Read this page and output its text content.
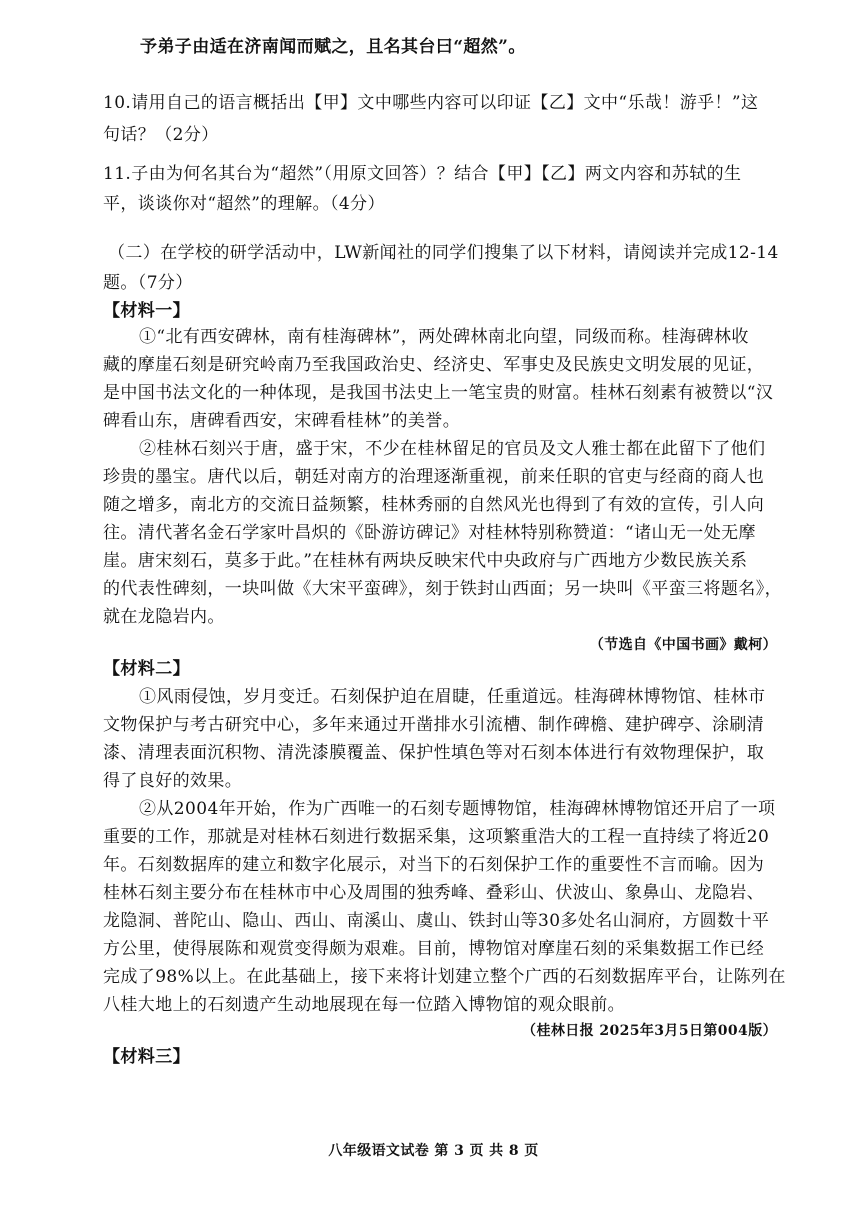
予弟子由适在济南闻而赋之，且名其台曰“超然”。
10.请用自己的语言概括出【甲】文中哪些内容可以印证【乙】文中“乐哉！游乎！”这
句话？（2分）
11.子由为何名其台为“超然”（用原文回答）？结合【甲】【乙】两文内容和苏轼的生
平，谈谈你对“超然”的理解。（4分）
（二）在学校的研学活动中，LW新闻社的同学们搜集了以下材料，请阅读并完成12-14
题。（7分）
【材料一】
①“北有西安碑林，南有桂海碑林”，两处碑林南北向望，同级而称。桂海碑林收
藏的摩崖石刻是研究岭南乃至我国政治史、经济史、军事史及民族史文明发展的见证，
是中国书法文化的一种体现，是我国书法史上一笔宝贵的财富。桂林石刻素有被赞以“汉
碑看山东，唐碑看西安，宋碑看桂林”的美誉。
②桂林石刻兴于唐，盛于宋，不少在桂林留足的官员及文人雅士都在此留下了他们
珍贵的墨宝。唐代以后，朝廷对南方的治理逐渐重视，前来任职的官吏与经商的商人也
随之增多，南北方的交流日益频繁，桂林秀丽的自然风光也得到了有效的宣传，引人向
往。清代著名金石学家叶昌炽的《卧游访碑记》对桂林特别称赞道：“诸山无一处无摩
崖。唐宋刻石，莫多于此。”在桂林有两块反映宋代中央政府与广西地方少数民族关系
的代表性碑刻，一块叫做《大宋平蛮碑》，刻于铁封山西面；另一块叫《平蛮三将题名》，
就在龙隐岩内。
（节选自《中国书画》戴柯）
【材料二】
①风雨侵蚀，岁月变迁。石刻保护迫在眉睫，任重道远。桂海碑林博物馆、桂林市
文物保护与考古研究中心，多年来通过开凿排水引流槽、制作碑檐、建护碑亭、涂刷清
漆、清理表面沉积物、清洗漆膜覆盖、保护性填色等对石刻本体进行有效物理保护，取
得了良好的效果。
②从2004年开始，作为广西唯一的石刻专题博物馆，桂海碑林博物馆还开启了一项
重要的工作，那就是对桂林石刻进行数据采集，这项繁重浩大的工程一直持续了将近20
年。石刻数据库的建立和数字化展示，对当下的石刻保护工作的重要性不言而喻。因为
桂林石刻主要分布在桂林市中心及周围的独秀峰、叠彩山、伏波山、象鼻山、龙隐岩、
龙隐洞、普陀山、隐山、西山、南溪山、虞山、铁封山等30多处名山洞府，方圆数十平
方公里，使得展陈和观赏变得颇为艰难。目前，博物馆对摩崖石刻的采集数据工作已经
完成了98%以上。在此基础上，接下来将计划建立整个广西的石刻数据库平台，让陈列在
八桂大地上的石刻遗产生动地展现在每一位踏入博物馆的观众眼前。
（桂林日报 2025年3月5日第004版）
【材料三】
八年级语文试卷 第 3 页 共 8 页
